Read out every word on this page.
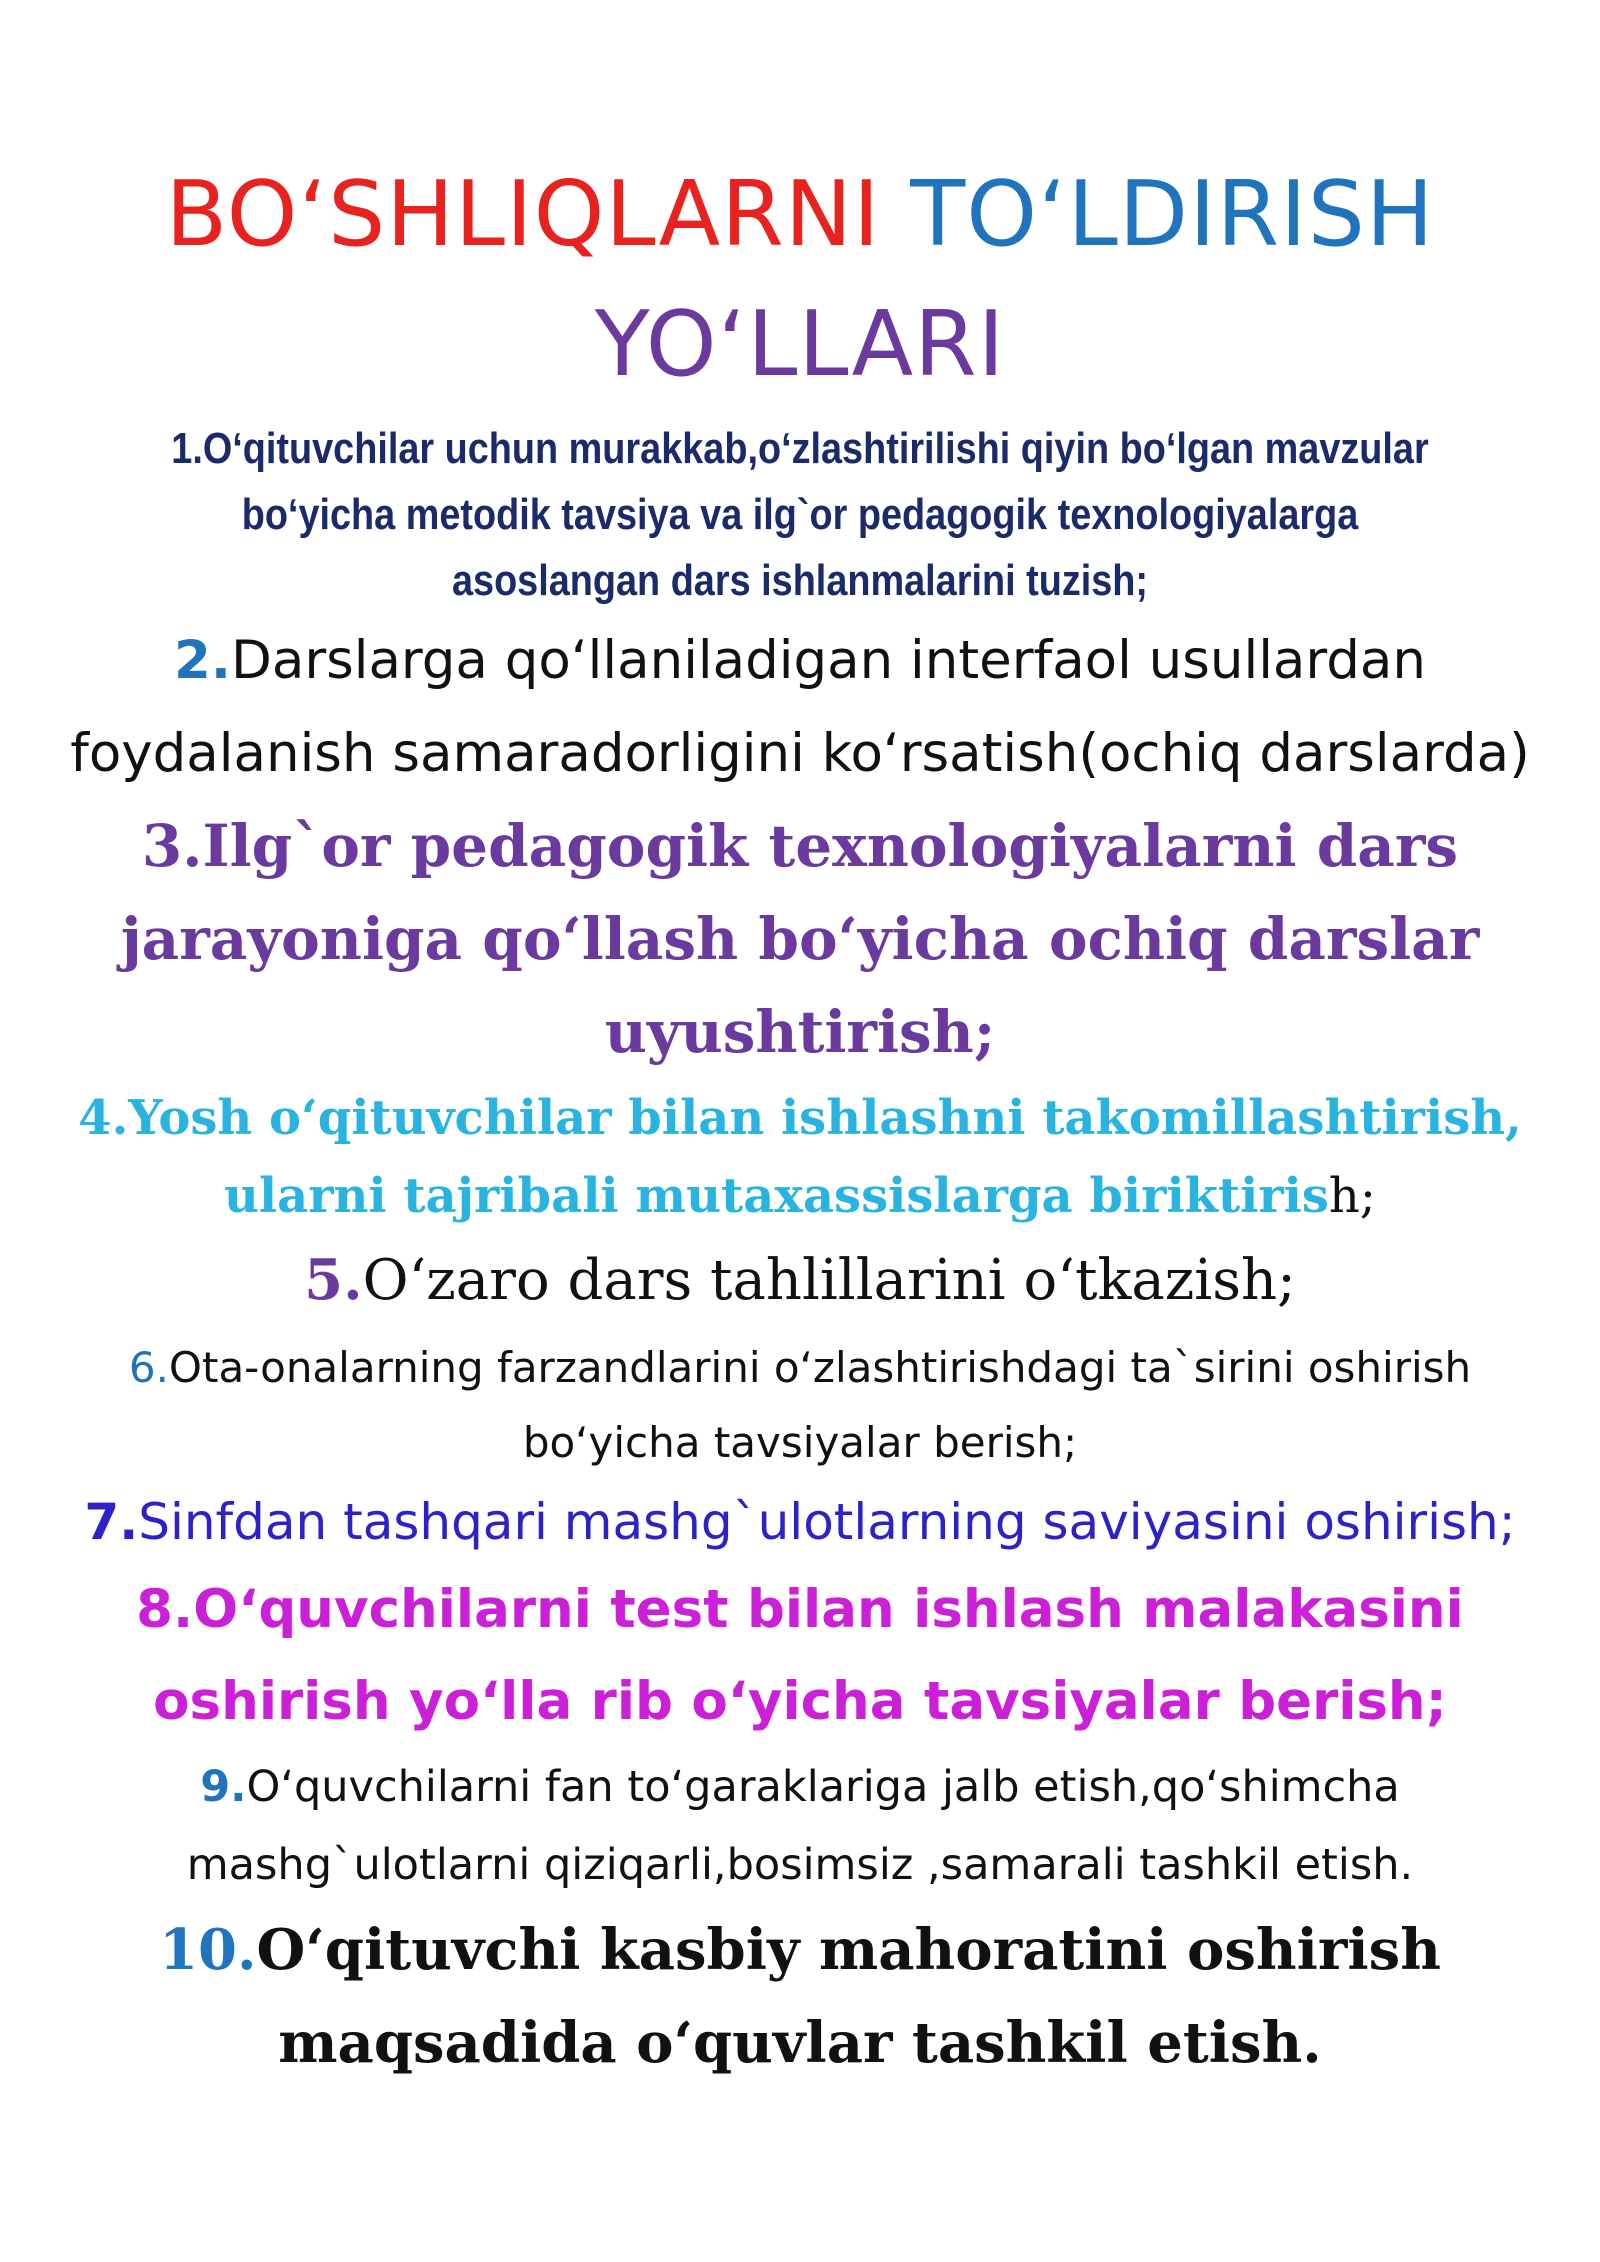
BO‘SHLIQLARNI TO‘LDIRISH
YO‘LLARI

1.O‘qituvchilar uchun murakkab,o‘zlashtirilishi qiyin bo‘lgan mavzular bo‘yicha metodik tavsiya va ilg`or pedagogik texnologiyalarga asoslangan dars ishlanmalarini tuzish;

2.Darslarga qo‘llaniladigan interfaol usullardan foydalanish samaradorligini ko‘rsatish(ochiq darslarda)

3.Ilg`or pedagogik texnologiyalarni dars jarayoniga qo‘llash bo‘yicha ochiq darslar uyushtirish;

4.Yosh o‘qituvchilar bilan ishlashni takomillashtirish, ularni tajribali mutaxassislarga biriktirish;

5.O‘zaro dars tahlillarini o‘tkazish;

6.Ota-onalarning farzandlarini o‘zlashtirishdagi ta`sirini oshirish bo‘yicha tavsiyalar berish;

7.Sinfdan tashqari mashg`ulotlarning saviyasini oshirish;

8.O‘quvchilarni test bilan ishlash malakasini oshirish yo‘lla rib o‘yicha tavsiyalar berish;

9.O‘quvchilarni fan to‘garaklariga jalb etish,qo‘shimcha mashg`ulotlarni qiziqarli,bosimsiz ,samarali tashkil etish.

10.O‘qituvchi kasbiy mahoratini oshirish maqsadida o‘quvlar tashkil etish.
